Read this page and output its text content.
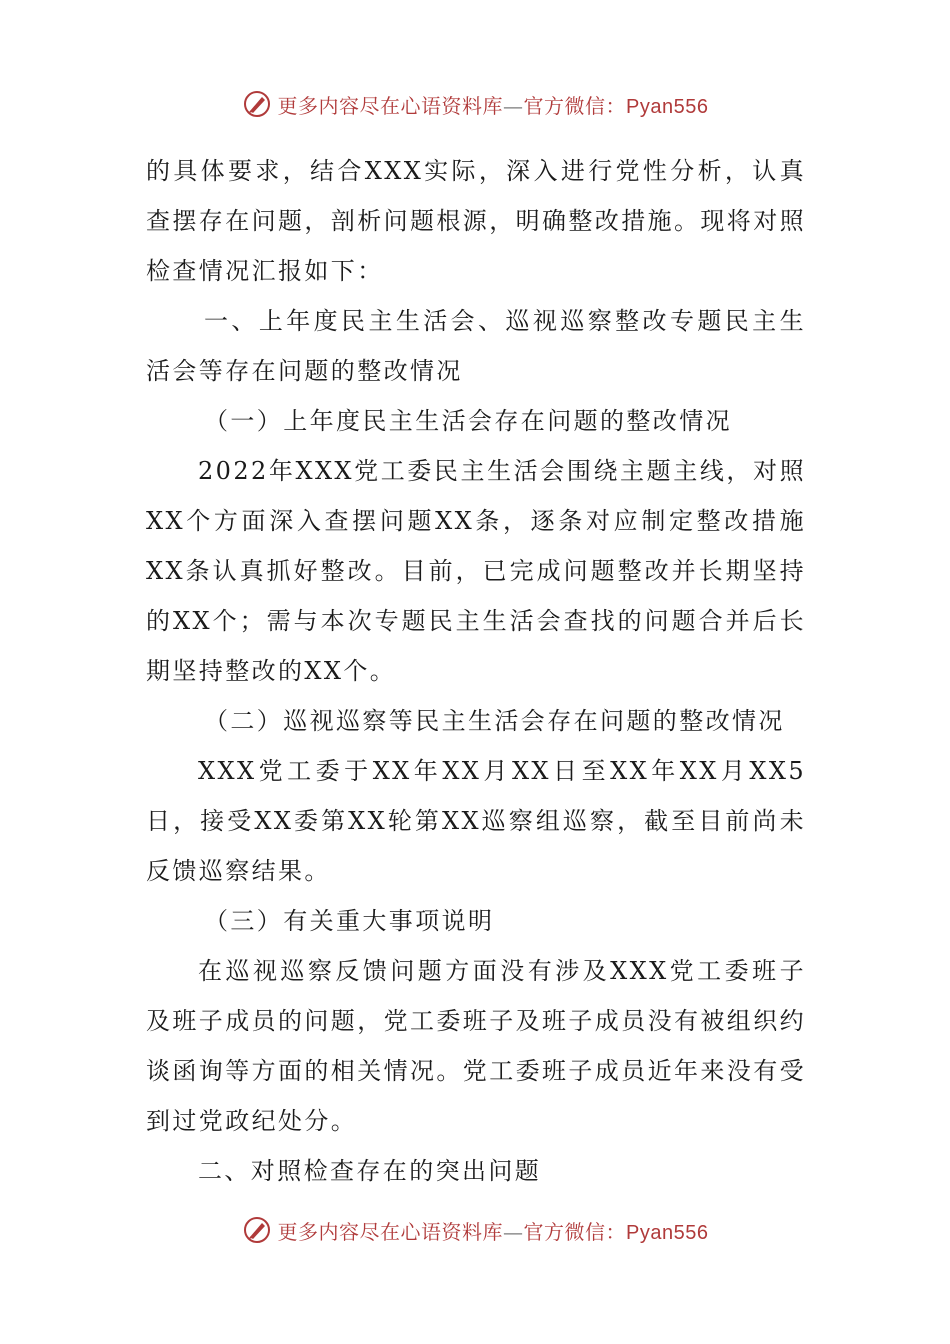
更多内容尽在心语资料库—官方微信：Pyan556

的具体要求，结合XXX实际，深入进行党性分析，认真查摆存在问题，剖析问题根源，明确整改措施。现将对照检查情况汇报如下：

一、上年度民主生活会、巡视巡察整改专题民主生活会等存在问题的整改情况

（一）上年度民主生活会存在问题的整改情况

2022年XXX党工委民主生活会围绕主题主线，对照XX个方面深入查摆问题XX条，逐条对应制定整改措施XX条认真抓好整改。目前，已完成问题整改并长期坚持的XX个；需与本次专题民主生活会查找的问题合并后长期坚持整改的XX个。

（二）巡视巡察等民主生活会存在问题的整改情况

XXX党工委于XX年XX月XX日至XX年XX月XX5日，接受XX委第XX轮第XX巡察组巡察，截至目前尚未反馈巡察结果。

（三）有关重大事项说明

在巡视巡察反馈问题方面没有涉及XXX党工委班子及班子成员的问题，党工委班子及班子成员没有被组织约谈函询等方面的相关情况。党工委班子成员近年来没有受到过党政纪处分。

二、对照检查存在的突出问题

更多内容尽在心语资料库—官方微信：Pyan556
